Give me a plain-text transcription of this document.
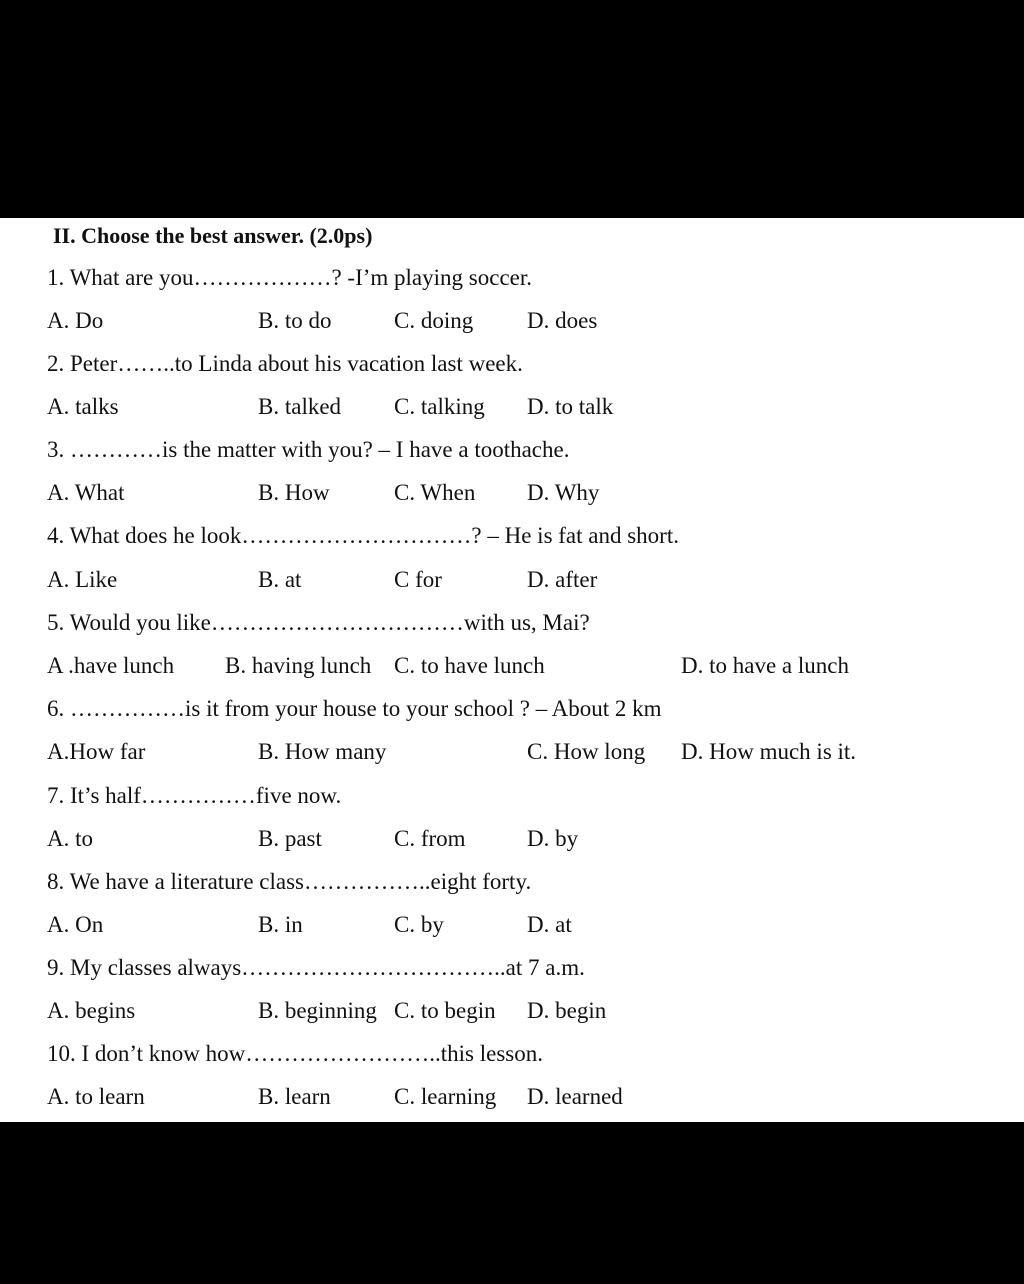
II. Choose the best answer. (2.0ps)
1. What are you………………? -I’m playing soccer.
A. Do	B. to do	C. doing D. does
2. Peter……..to Linda about his vacation last week.
A. talks	B. talked C. talking D. to talk
3. …………is the matter with you? – I have a toothache.
A. What	B. How	C. When D. Why
4. What does he look…………………………? – He is fat and short.
A. Like	B. at	C for	D. after
5. Would you like……………………………with us, Mai?
A .have lunch B. having lunch C. to have lunch	D. to have a lunch
6. ……………is it from your house to your school ? – About 2 km
A.How far	B. How many	C. How long D. How much is it.
7. It’s half……………five now.
A. to	B. past	C. from	D. by
8. We have a literature class……………..eight forty.
A. On	B. in	C. by	D. at
9. My classes always……………………………..at 7 a.m.
A. begins	B. beginning C. to begin D. begin
10. I don’t know how……………………..this lesson.
A. to learn	B. learn	C. learning D. learned
